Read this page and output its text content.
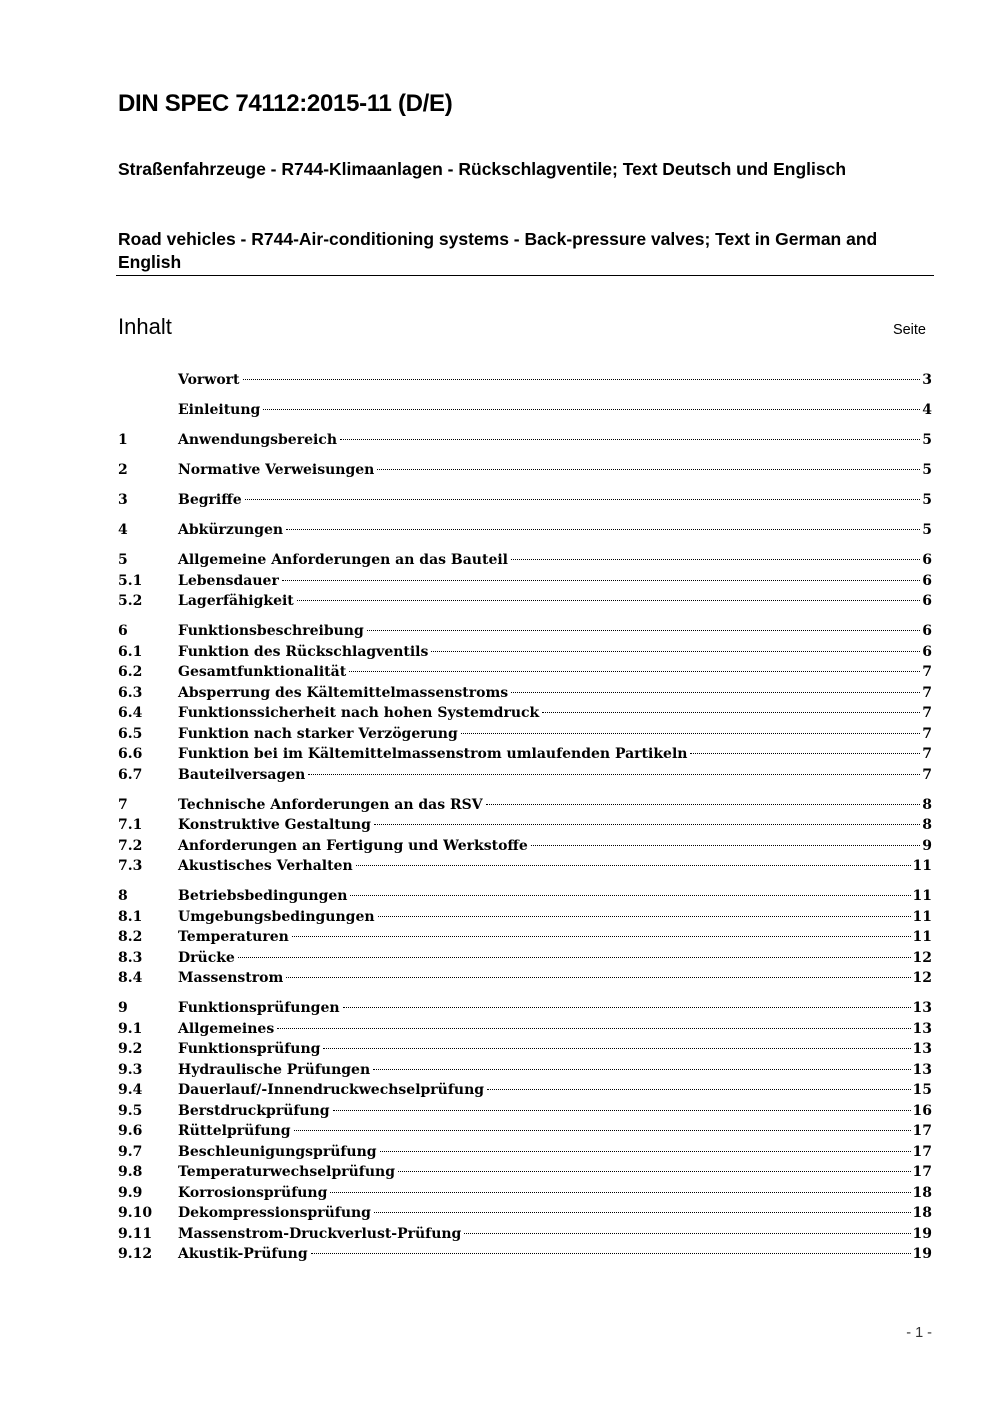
DIN SPEC 74112:2015-11 (D/E)

Straßenfahrzeuge - R744-Klimaanlagen - Rückschlagventile; Text Deutsch und Englisch

Road vehicles - R744-Air-conditioning systems - Back-pressure valves; Text in German and English

Inhalt	Seite
Vorwort	3
Einleitung	4
1	Anwendungsbereich	5
2	Normative Verweisungen	5
3	Begriffe	5
4	Abkürzungen	5
5	Allgemeine Anforderungen an das Bauteil	6
5.1	Lebensdauer	6
5.2	Lagerfähigkeit	6
6	Funktionsbeschreibung	6
6.1	Funktion des Rückschlagventils	6
6.2	Gesamtfunktionalität	7
6.3	Absperrung des Kältemittelmassenstroms	7
6.4	Funktionssicherheit nach hohen Systemdruck	7
6.5	Funktion nach starker Verzögerung	7
6.6	Funktion bei im Kältemittelmassenstrom umlaufenden Partikeln	7
6.7	Bauteilversagen	7
7	Technische Anforderungen an das RSV	8
7.1	Konstruktive Gestaltung	8
7.2	Anforderungen an Fertigung und Werkstoffe	9
7.3	Akustisches Verhalten	11
8	Betriebsbedingungen	11
8.1	Umgebungsbedingungen	11
8.2	Temperaturen	11
8.3	Drücke	12
8.4	Massenstrom	12
9	Funktionsprüfungen	13
9.1	Allgemeines	13
9.2	Funktionsprüfung	13
9.3	Hydraulische Prüfungen	13
9.4	Dauerlauf/-Innendruckwechselprüfung	15
9.5	Berstdruckprüfung	16
9.6	Rüttelprüfung	17
9.7	Beschleunigungsprüfung	17
9.8	Temperaturwechselprüfung	17
9.9	Korrosionsprüfung	18
9.10	Dekompressionsprüfung	18
9.11	Massenstrom-Druckverlust-Prüfung	19
9.12	Akustik-Prüfung	19
- 1 -
